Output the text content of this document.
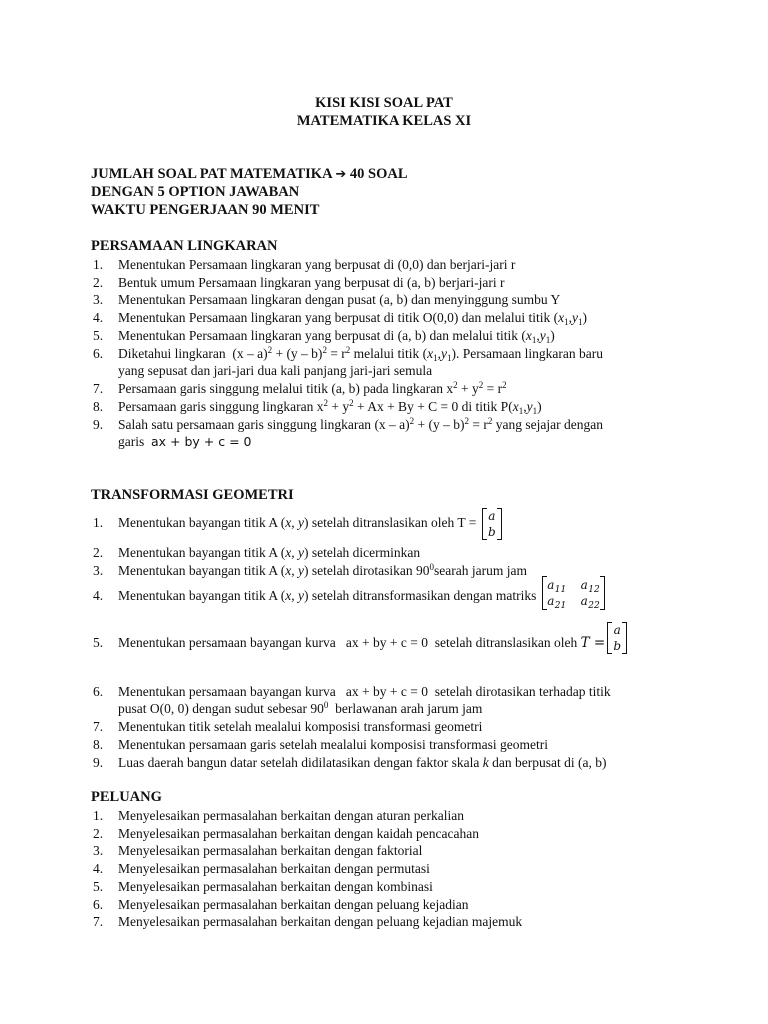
KISI KISI SOAL PAT
MATEMATIKA KELAS XI
JUMLAH SOAL PAT MATEMATIKA ➔ 40 SOAL
DENGAN 5 OPTION JAWABAN
WAKTU PENGERJAAN 90 MENIT
PERSAMAAN LINGKARAN
1. Menentukan Persamaan lingkaran yang berpusat di (0,0) dan berjari-jari r
2. Bentuk umum Persamaan lingkaran yang berpusat di (a, b) berjari-jari r
3. Menentukan Persamaan lingkaran dengan pusat (a, b) dan menyinggung sumbu Y
4. Menentukan Persamaan lingkaran yang berpusat di titik O(0,0) dan melalui titik $(x_1,y_1)$
5. Menentukan Persamaan lingkaran yang berpusat di (a, b) dan melalui titik $(x_1,y_1)$
6. Diketahui lingkaran $(x - a)^2 + (y - b)^2 = r^2$ melalui titik $(x_1,y_1)$. Persamaan lingkaran baru
yang sepusat dan jari-jari dua kali panjang jari-jari semula
7. Persamaan garis singgung melalui titik (a, b) pada lingkaran $x^2 + y^2 = r^2$
8. Persamaan garis singgung lingkaran $x^2 + y^2 + Ax + By + C = 0$ di titik $P(x_1,y_1)$
9. Salah satu persamaan garis singgung lingkaran $(x - a)^2 + (y - b)^2 = r^2$ yang sejajar dengan
garis ax + by + c = 0
TRANSFORMASI GEOMETRI
1. Menentukan bayangan titik A (x, y) setelah ditranslasikan oleh T = a
b
2. Menentukan bayangan titik A (x, y) setelah dicerminkan
3. Menentukan bayangan titik A (x, y) setelah dirotasikan $90^0searah$ jarum jam
4. Menentukan bayangan titik A (x, y) setelah ditransformasikan dengan matriks
$a_{11}$ $a_{12}$
$a_{21}$ $a_{22}$
5. Menentukan persamaan bayangan kurva ax + by + c = 0 setelah ditranslasikan oleh T =
a
b
6. Menentukan persamaan bayangan kurva ax + by + c = 0 setelah dirotasikan terhadap titik
pusat O(0, 0) dengan sudut sebesar $90^0$ berlawanan arah jarum jam
7. Menentukan titik setelah mealalui komposisi transformasi geometri
8. Menentukan persamaan garis setelah mealalui komposisi transformasi geometri
9. Luas daerah bangun datar setelah didilatasikan dengan faktor skala k dan berpusat di (a, b)
PELUANG
1. Menyelesaikan permasalahan berkaitan dengan aturan perkalian
2. Menyelesaikan permasalahan berkaitan dengan kaidah pencacahan
3. Menyelesaikan permasalahan berkaitan dengan faktorial
4. Menyelesaikan permasalahan berkaitan dengan permutasi
5. Menyelesaikan permasalahan berkaitan dengan kombinasi
6. Menyelesaikan permasalahan berkaitan dengan peluang kejadian
7. Menyelesaikan permasalahan berkaitan dengan peluang kejadian majemuk
